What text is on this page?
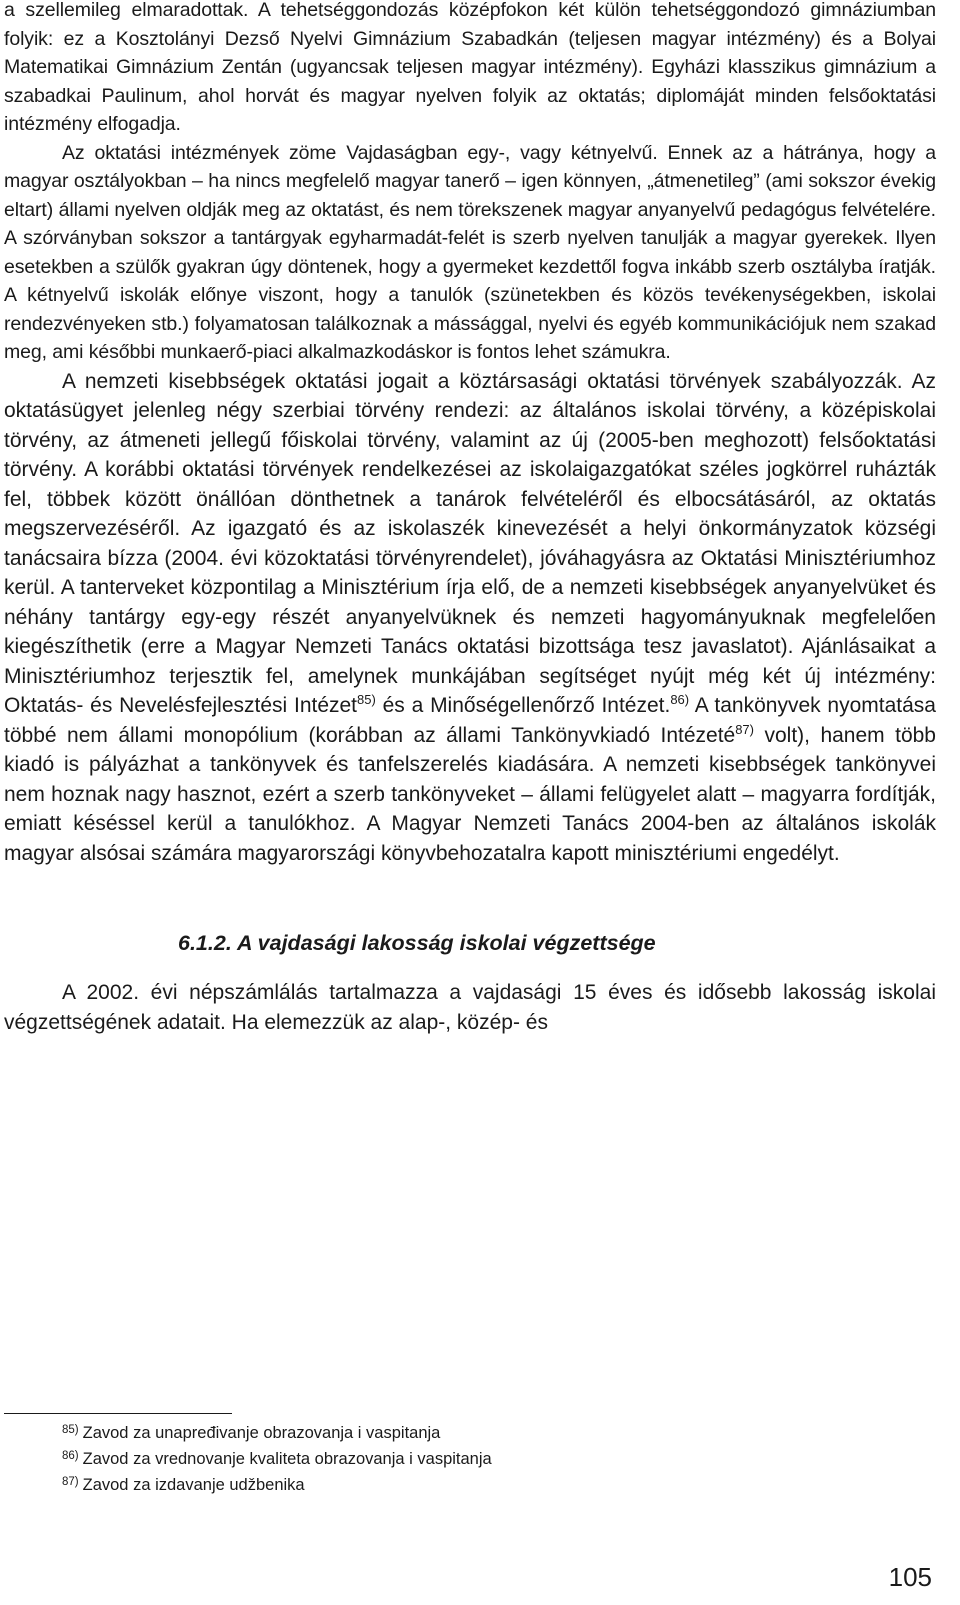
a szellemileg elmaradottak. A tehetséggondozás középfokon két külön tehetséggondozó gimnáziumban folyik: ez a Kosztolányi Dezső Nyelvi Gimnázium Szabadkán (teljesen magyar intézmény) és a Bolyai Matematikai Gimnázium Zentán (ugyancsak teljesen magyar intézmény). Egyházi klasszikus gimnázium a szabadkai Paulinum, ahol horvát és magyar nyelven folyik az oktatás; diplomáját minden felsőoktatási intézmény elfogadja.

Az oktatási intézmények zöme Vajdaságban egy-, vagy kétnyelvű. Ennek az a hátránya, hogy a magyar osztályokban – ha nincs megfelelő magyar tanerő – igen könnyen, „átmenetileg” (ami sokszor évekig eltart) állami nyelven oldják meg az oktatást, és nem törekszenek magyar anyanyelvű pedagógus felvételére. A szórványban sokszor a tantárgyak egyharmadát-felét is szerb nyelven tanulják a magyar gyerekek. Ilyen esetekben a szülők gyakran úgy döntenek, hogy a gyermeket kezdettől fogva inkább szerb osztályba íratják. A kétnyelvű iskolák előnye viszont, hogy a tanulók (szünetekben és közös tevékenységekben, iskolai rendezvényeken stb.) folyamatosan találkoznak a mássággal, nyelvi és egyéb kommunikációjuk nem szakad meg, ami későbbi munkaerő-piaci alkalmazkodáskor is fontos lehet számukra.

A nemzeti kisebbségek oktatási jogait a köztársasági oktatási törvények szabályozzák. Az oktatásügyet jelenleg négy szerbiai törvény rendezi: az általános iskolai törvény, a középiskolai törvény, az átmeneti jellegű főiskolai törvény, valamint az új (2005-ben meghozott) felsőoktatási törvény. A korábbi oktatási törvények rendelkezései az iskolaigazgatókat széles jogkörrel ruházták fel, többek között önállóan dönthetnek a tanárok felvételéről és elbocsátásáról, az oktatás megszervezéséről. Az igazgató és az iskolaszék kinevezését a helyi önkormányzatok községi tanácsaira bízza (2004. évi közoktatási törvényrendelet), jóváhagyásra az Oktatási Minisztériumhoz kerül. A tanterveket központilag a Minisztérium írja elő, de a nemzeti kisebbségek anyanyelvüket és néhány tantárgy egy-egy részét anyanyelvüknek és nemzeti hagyományuknak megfelelően kiegészíthetik (erre a Magyar Nemzeti Tanács oktatási bizottsága tesz javaslatot). Ajánlásaikat a Minisztériumhoz terjesztik fel, amelynek munkájában segítséget nyújt még két új intézmény: Oktatás- és Nevelésfejlesztési Intézet$^{85)}$ és a Minőségellenőrző Intézet.$^{86)}$ A tankönyvek nyomtatása többé nem állami monopólium (korábban az állami Tankönyvkiadó Intézeté$^{87)}$ volt), hanem több kiadó is pályázhat a tankönyvek és tanfelszerelés kiadására. A nemzeti kisebbségek tankönyvei nem hoznak nagy hasznot, ezért a szerb tankönyveket – állami felügyelet alatt – magyarra fordítják, emiatt késéssel kerül a tanulókhoz. A Magyar Nemzeti Tanács 2004-ben az általános iskolák magyar alsósai számára magyarországi könyvbehozatalra kapott minisztériumi engedélyt.

6.1.2. A vajdasági lakosság iskolai végzettsége

A 2002. évi népszámlálás tartalmazza a vajdasági 15 éves és idősebb lakosság iskolai végzettségének adatait. Ha elemezzük az alap-, közép- és

$^{85)}$ Zavod za unapređivanje obrazovanja i vaspitanja
$^{86)}$ Zavod za vrednovanje kvaliteta obrazovanja i vaspitanja
$^{87)}$ Zavod za izdavanje udžbenika
105
